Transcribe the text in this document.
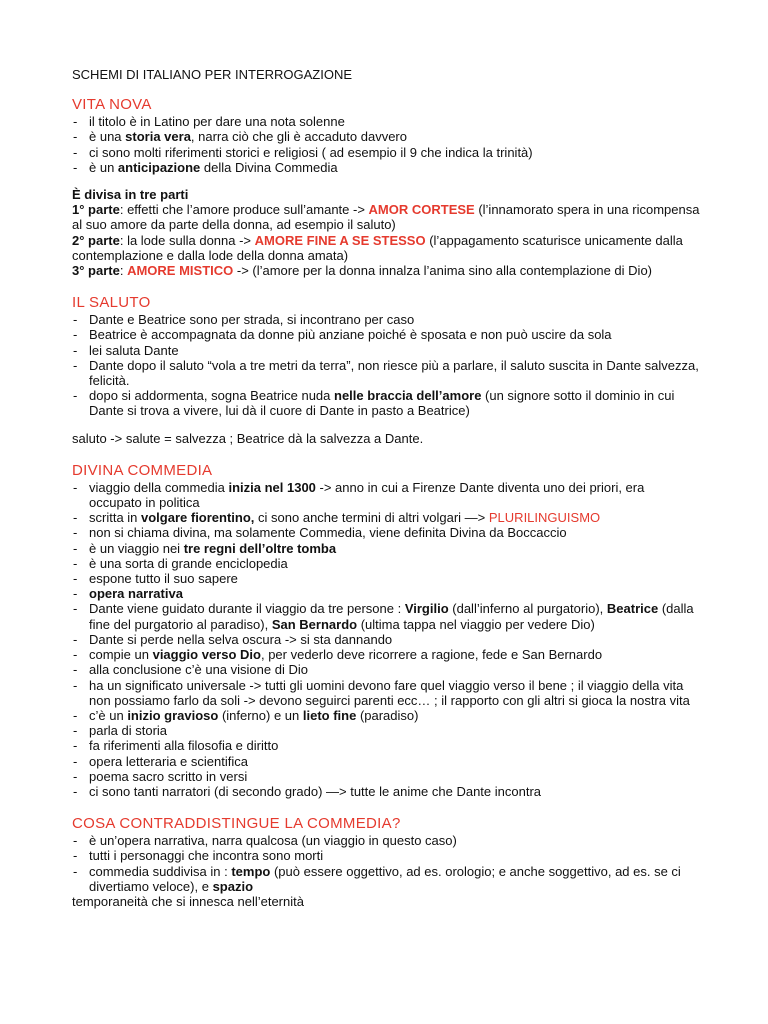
SCHEMI DI ITALIANO PER INTERROGAZIONE

VITA NOVA
- il titolo è in Latino per dare una nota solenne
- è una storia vera, narra ciò che gli è accaduto davvero
- ci sono molti riferimenti storici e religiosi ( ad esempio il 9 che indica la trinità)
- è un anticipazione della Divina Commedia

È divisa in tre parti

1° parte: effetti che l’amore produce sull’amante -> AMOR CORTESE (l’innamorato spera in una ricompensa al suo amore da parte della donna, ad esempio il saluto)

2° parte: la lode sulla donna -> AMORE FINE A SE STESSO (l’appagamento scaturisce unicamente dalla contemplazione e dalla lode della donna amata)

3° parte: AMORE MISTICO -> (l’amore per la donna innalza l’anima sino alla contemplazione di Dio)

IL SALUTO
- Dante e Beatrice sono per strada, si incontrano per caso
- Beatrice è accompagnata da donne più anziane poiché è sposata e non può uscire da sola
- lei saluta Dante
- Dante dopo il saluto “vola a tre metri da terra”, non riesce più a parlare, il saluto suscita in Dante salvezza, felicità.
- dopo si addormenta, sogna Beatrice nuda nelle braccia dell’amore (un signore sotto il dominio in cui Dante si trova a vivere, lui dà il cuore di Dante in pasto a Beatrice)

saluto -> salute = salvezza ; Beatrice dà la salvezza a Dante.

DIVINA COMMEDIA
- viaggio della commedia inizia nel 1300 -> anno in cui a Firenze Dante diventa uno dei priori, era occupato in politica
- scritta in volgare fiorentino, ci sono anche termini di altri volgari —> PLURILINGUISMO
- non si chiama divina, ma solamente Commedia, viene definita Divina da Boccaccio
- è un viaggio nei tre regni dell’oltre tomba
- è una sorta di grande enciclopedia
- espone tutto il suo sapere
- opera narrativa
- Dante viene guidato durante il viaggio da tre persone : Virgilio (dall’inferno al purgatorio), Beatrice (dalla fine del purgatorio al paradiso), San Bernardo (ultima tappa nel viaggio per vedere Dio)
- Dante si perde nella selva oscura -> si sta dannando
- compie un viaggio verso Dio, per vederlo deve ricorrere a ragione, fede e San Bernardo
- alla conclusione c’è una visione di Dio
- ha un significato universale -> tutti gli uomini devono fare quel viaggio verso il bene ; il viaggio della vita non possiamo farlo da soli -> devono seguirci parenti ecc… ; il rapporto con gli altri si gioca la nostra vita
- c’è un inizio gravioso (inferno) e un lieto fine (paradiso)
- parla di storia
- fa riferimenti alla filosofia e diritto
- opera letteraria e scientifica
- poema sacro scritto in versi
- ci sono tanti narratori (di secondo grado) —> tutte le anime che Dante incontra
COSA CONTRADDISTINGUE LA COMMEDIA?
- è un’opera narrativa, narra qualcosa (un viaggio in questo caso)
- tutti i personaggi che incontra sono morti
- commedia suddivisa in : tempo (può essere oggettivo, ad es. orologio; e anche soggettivo, ad es. se ci divertiamo veloce), e spazio

temporaneità che si innesca nell’eternità
